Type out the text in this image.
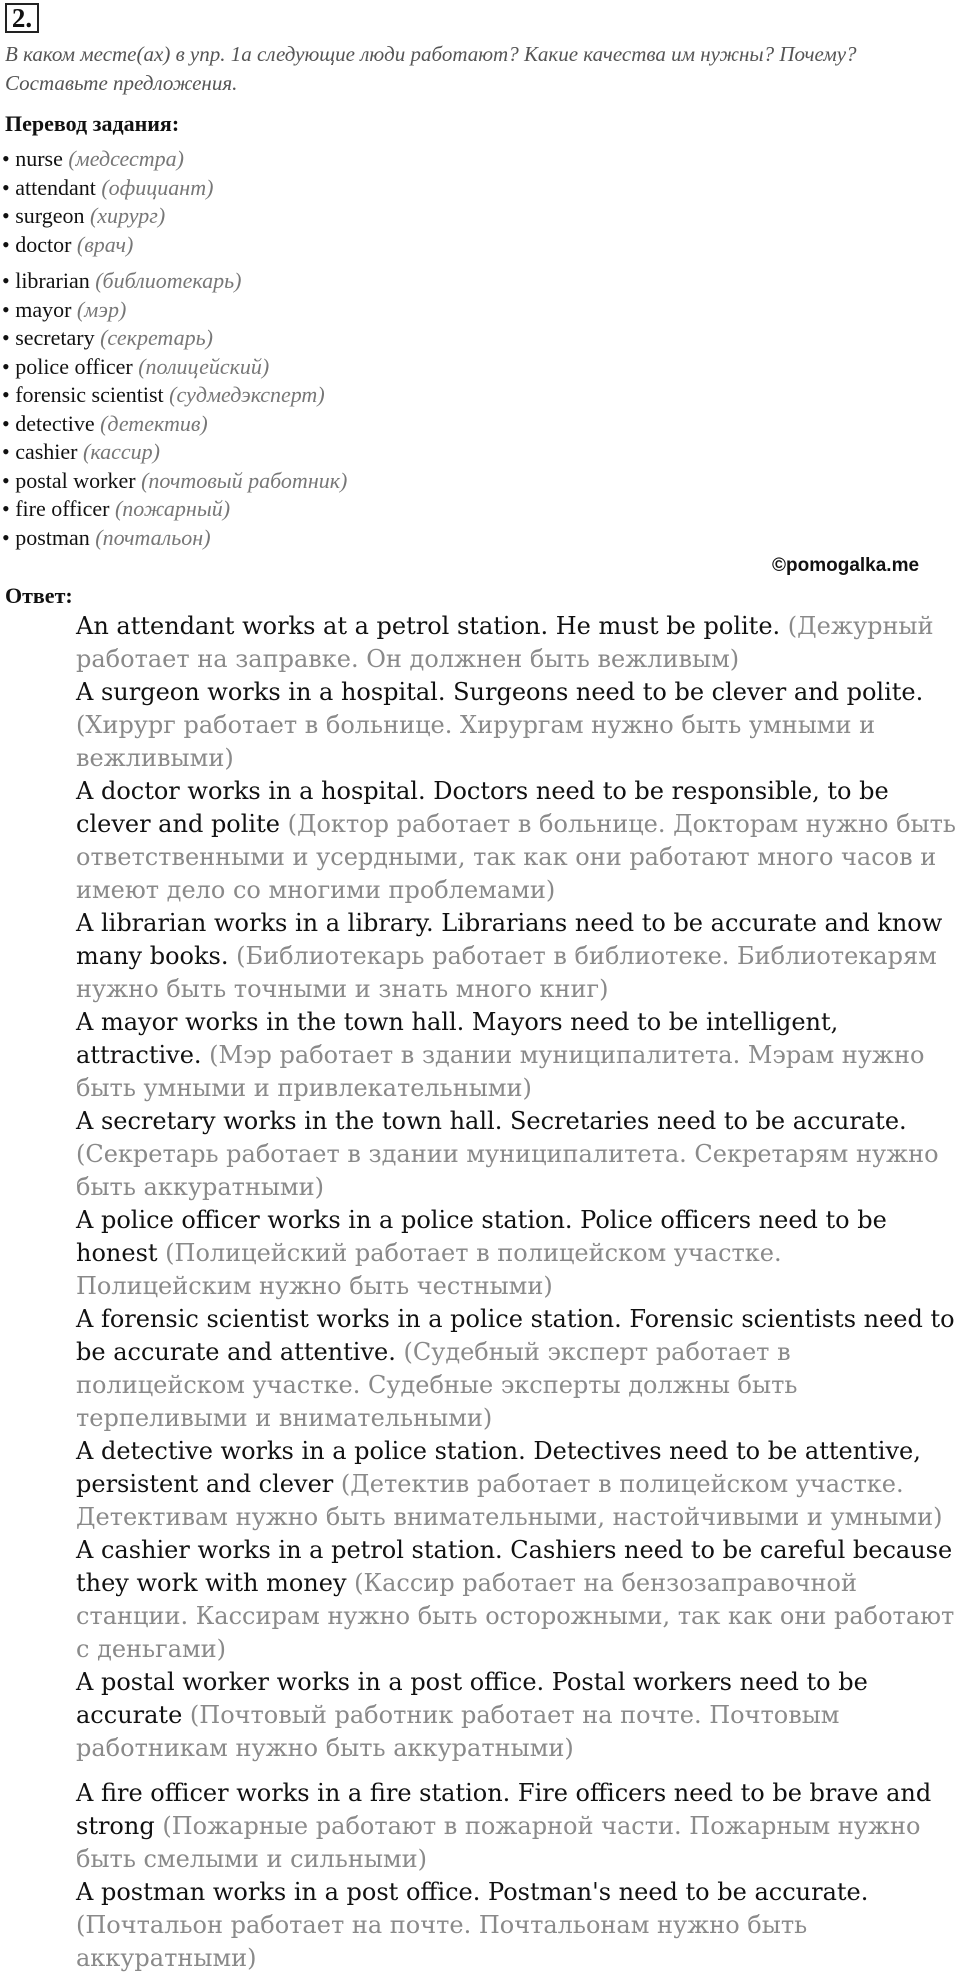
2.
В каком месте(ах) в упр. 1а следующие люди работают? Какие качества им нужны? Почему? Составьте предложения.
Перевод задания:
• nurse (медсестра)
• attendant (официант)
• surgeon (хирург)
• doctor (врач)
• librarian (библиотекарь)
• mayor (мэр)
• secretary (секретарь)
• police officer (полицейский)
• forensic scientist (судмедэксперт)
• detective (детектив)
• cashier (кассир)
• postal worker (почтовый работник)
• fire officer (пожарный)
• postman (почтальон)
©pomogalka.me
Ответ:

An attendant works at a petrol station. He must be polite. (Дежурный работает на заправке. Он должнен быть вежливым)

A surgeon works in a hospital. Surgeons need to be clever and polite. (Хирург работает в больнице. Хирургам нужно быть умными и вежливыми)

A doctor works in a hospital. Doctors need to be responsible, to be clever and polite (Доктор работает в больнице. Докторам нужно быть ответственными и усердными, так как они работают много часов и имеют дело со многими проблемами)

A librarian works in a library. Librarians need to be accurate and know many books. (Библиотекарь работает в библиотеке. Библиотекарям нужно быть точными и знать много книг)

A mayor works in the town hall. Mayors need to be intelligent, attractive. (Мэр работает в здании муниципалитета. Мэрам нужно быть умными и привлекательными)

A secretary works in the town hall. Secretaries need to be accurate. (Секретарь работает в здании муниципалитета. Секретарям нужно быть аккуратными)

A police officer works in a police station. Police officers need to be honest (Полицейский работает в полицейском участке. Полицейским нужно быть честными)

A forensic scientist works in a police station. Forensic scientists need to be accurate and attentive. (Судебный эксперт работает в полицейском участке. Судебные эксперты должны быть терпеливыми и внимательными)

A detective works in a police station. Detectives need to be attentive, persistent and clever (Детектив работает в полицейском участке. Детективам нужно быть внимательными, настойчивыми и умными)

A cashier works in a petrol station. Cashiers need to be careful because they work with money (Кассир работает на бензозаправочной станции. Кассирам нужно быть осторожными, так как они работают с деньгами)

A postal worker works in a post office. Postal workers need to be accurate (Почтовый работник работает на почте. Почтовым работникам нужно быть аккуратными)

A fire officer works in a fire station. Fire officers need to be brave and strong (Пожарные работают в пожарной части. Пожарным нужно быть смелыми и сильными)

A postman works in a post office. Postman's need to be accurate. (Почтальон работает на почте. Почтальонам нужно быть аккуратными)
